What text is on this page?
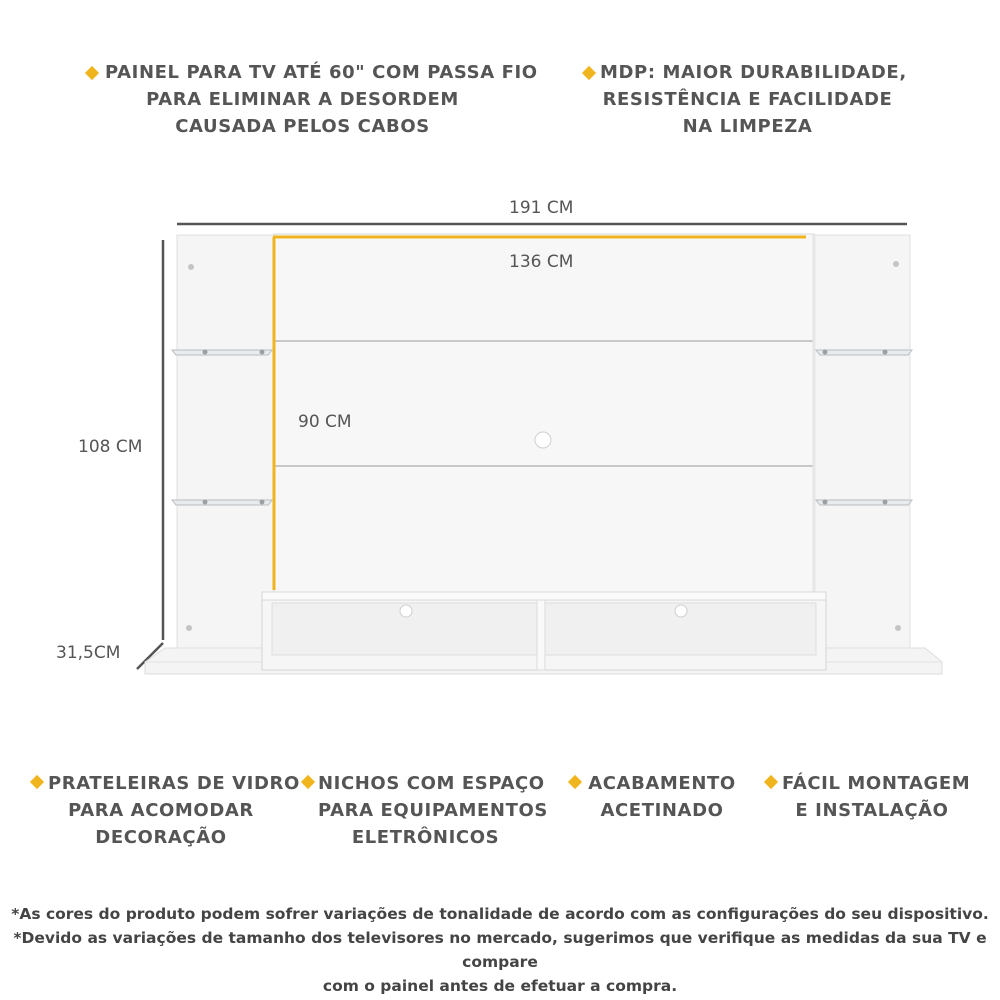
PAINEL PARA TV ATÉ 60" COM PASSA FIO
PARA ELIMINAR A DESORDEM
CAUSADA PELOS CABOS
MDP: MAIOR DURABILIDADE,
RESISTÊNCIA E FACILIDADE
NA LIMPEZA
191 CM
136 CM
90 CM
108 CM
31,5CM
PRATELEIRAS DE VIDRO
PARA ACOMODAR
DECORAÇÃO
NICHOS COM ESPAÇO
PARA EQUIPAMENTOS
ELETRÔNICOS
ACABAMENTO
ACETINADO
FÁCIL MONTAGEM
E INSTALAÇÃO
*As cores do produto podem sofrer variações de tonalidade de acordo com as configurações do seu dispositivo.
*Devido as variações de tamanho dos televisores no mercado, sugerimos que verifique as medidas da sua TV e compare
com o painel antes de efetuar a compra.
